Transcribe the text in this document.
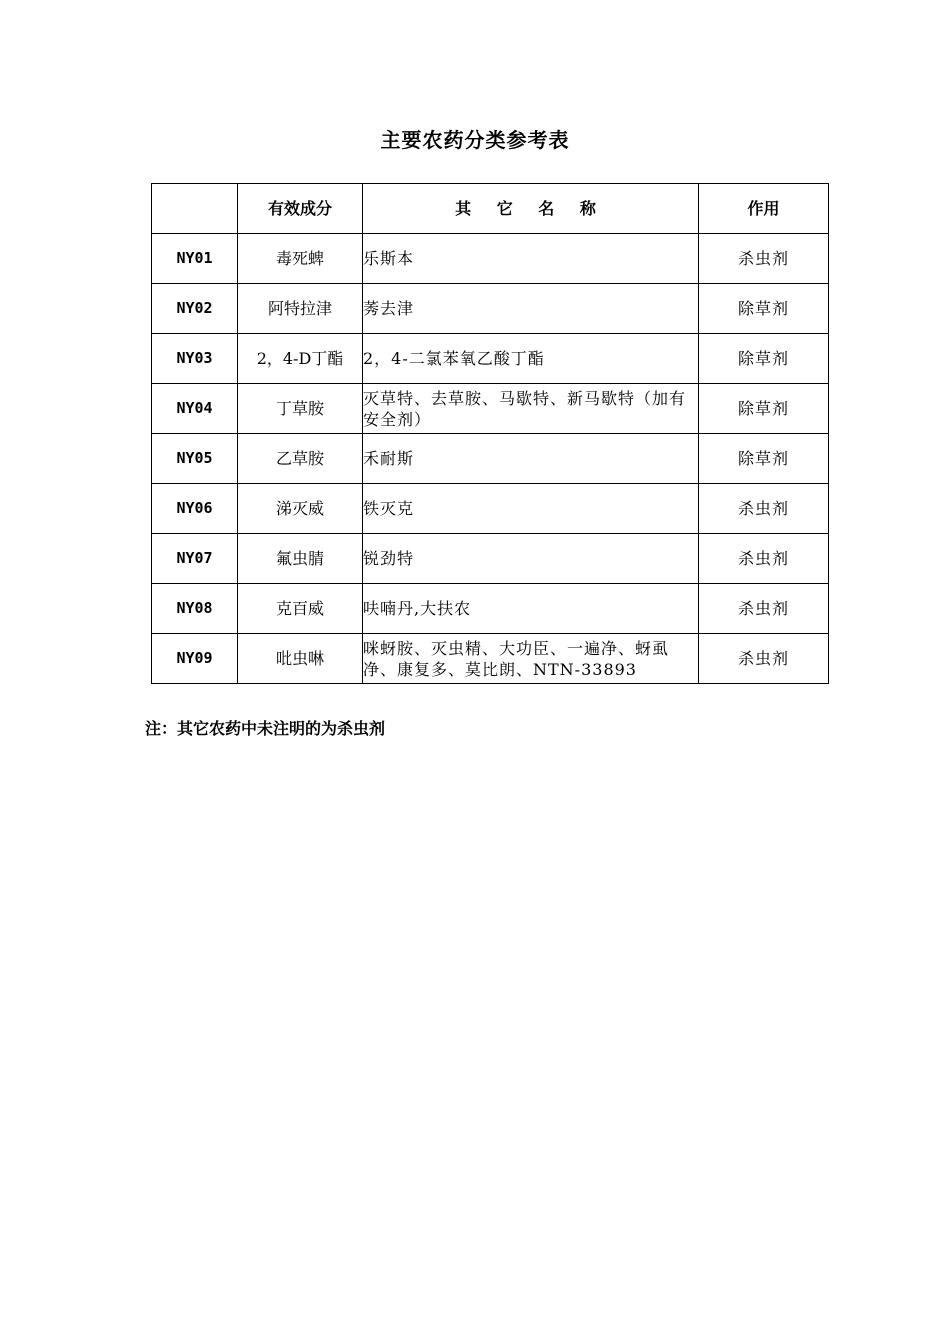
主要农药分类参考表
	有效成分	其 它 名 称	作用
NY01	毒死蜱	乐斯本	杀虫剂
NY02	阿特拉津	莠去津	除草剂
NY03	2，4-D丁酯	2，4-二氯苯氧乙酸丁酯	除草剂
NY04	丁草胺	灭草特、去草胺、马歇特、新马歇特（加有安全剂）	除草剂
NY05	乙草胺	禾耐斯	除草剂
NY06	涕灭威	铁灭克	杀虫剂
NY07	氟虫腈	锐劲特	杀虫剂
NY08	克百威	呋喃丹,大扶农	杀虫剂
NY09	吡虫啉	咪蚜胺、灭虫精、大功臣、一遍净、蚜虱净、康复多、莫比朗、NTN-33893	杀虫剂
注：其它农药中未注明的为杀虫剂
